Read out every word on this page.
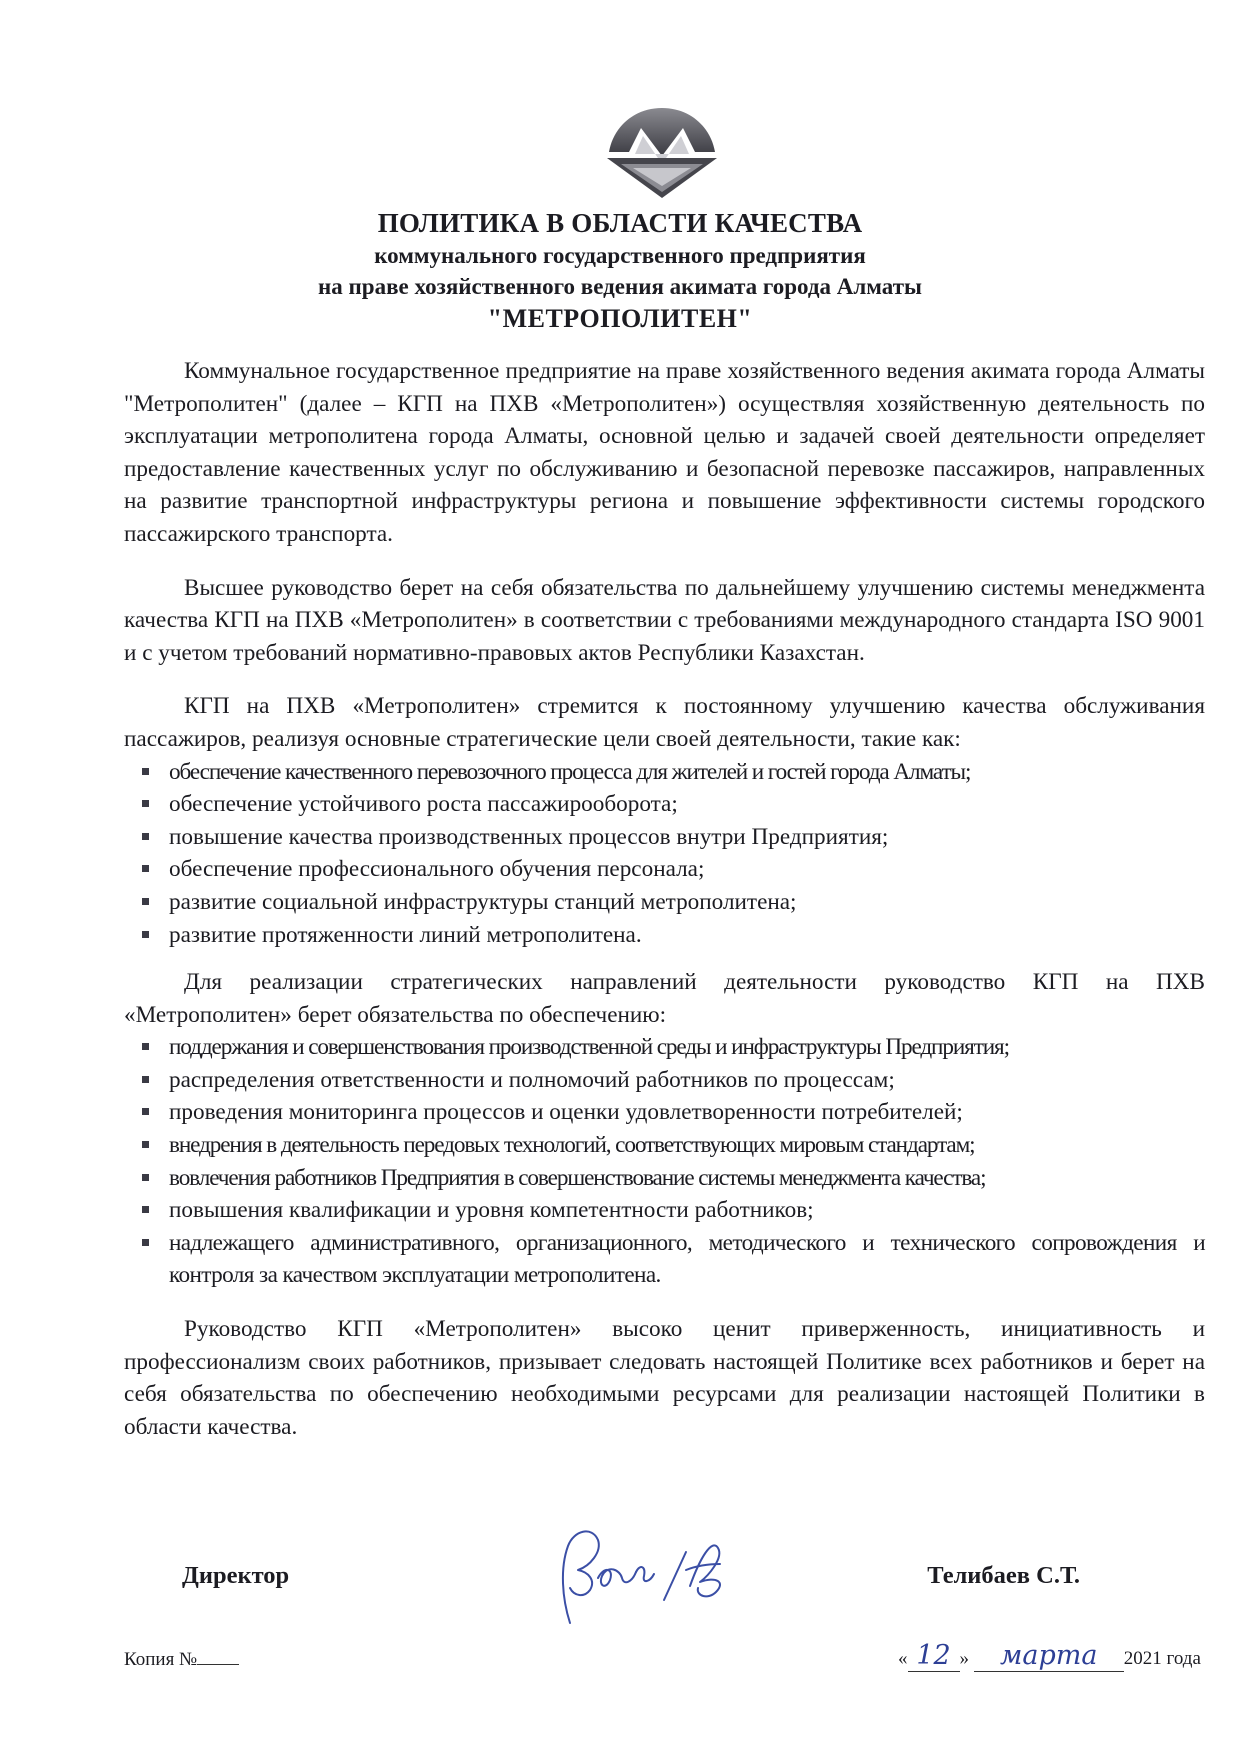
ПОЛИТИКА В ОБЛАСТИ КАЧЕСТВА
коммунального государственного предприятия
на праве хозяйственного ведения акимата города Алматы
"МЕТРОПОЛИТЕН"

Коммунальное государственное предприятие на праве хозяйственного ведения акимата города Алматы "Метрополитен" (далее – КГП на ПХВ «Метрополитен») осуществляя хозяйственную деятельность по эксплуатации метрополитена города Алматы, основной целью и задачей своей деятельности определяет предоставление качественных услуг по обслуживанию и безопасной перевозке пассажиров, направленных на развитие транспортной инфраструктуры региона и повышение эффективности системы городского пассажирского транспорта.

Высшее руководство берет на себя обязательства по дальнейшему улучшению системы менеджмента качества КГП на ПХВ «Метрополитен» в соответствии с требованиями международного стандарта ISO 9001 и с учетом требований нормативно-правовых актов Республики Казахстан.

КГП на ПХВ «Метрополитен» стремится к постоянному улучшению качества обслуживания пассажиров, реализуя основные стратегические цели своей деятельности, такие как:

обеспечение качественного перевозочного процесса для жителей и гостей города Алматы;
обеспечение устойчивого роста пассажирооборота;
повышение качества производственных процессов внутри Предприятия;
обеспечение профессионального обучения персонала;
развитие социальной инфраструктуры станций метрополитена;
развитие протяженности линий метрополитена.

Для реализации стратегических направлений деятельности руководство КГП на ПХВ «Метрополитен» берет обязательства по обеспечению:

поддержания и совершенствования производственной среды и инфраструктуры Предприятия;
распределения ответственности и полномочий работников по процессам;
проведения мониторинга процессов и оценки удовлетворенности потребителей;
внедрения в деятельность передовых технологий, соответствующих мировым стандартам;
вовлечения работников Предприятия в совершенствование системы менеджмента качества;
повышения квалификации и уровня компетентности работников;
надлежащего административного, организационного, методического и технического сопровождения и контроля за качеством эксплуатации метрополитена.

Руководство КГП «Метрополитен» высоко ценит приверженность, инициативность и профессионализм своих работников, призывает следовать настоящей Политике всех работников и берет на себя обязательства по обеспечению необходимыми ресурсами для реализации настоящей Политики в области качества.

Директор	Телибаев С.Т.
Копия №	« 12 » марта 2021 года
